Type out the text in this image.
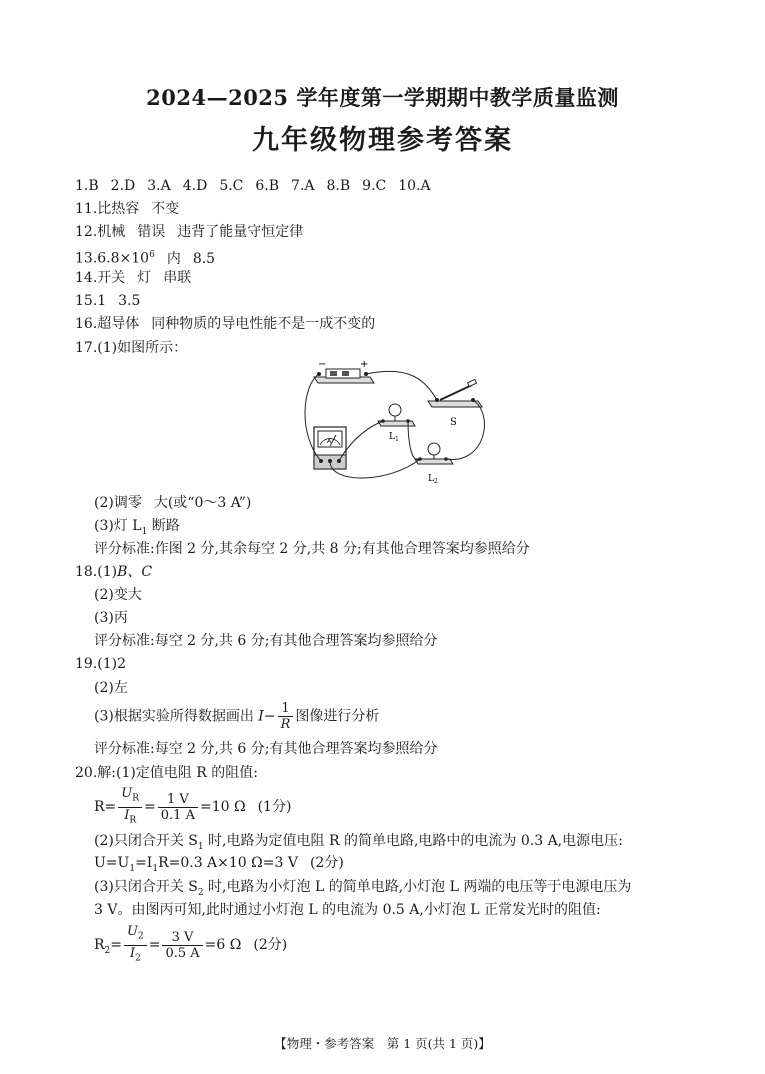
2024—2025 学年度第一学期期中教学质量监测
九年级物理参考答案
1.B 2.D 3.A 4.D 5.C 6.B 7.A 8.B 9.C 10.A
11.比热容 不变
12.机械 错误 违背了能量守恒定律
$13.6.8\times 10^6$ 内 8.5
14.开关 灯 串联
15.1 3.5
16.超导体 同种物质的导电性能不是一成不变的
17.(1)如图所示：
−	+
S
$L_1$
$L_2$
A
(2)调零 大(或“0～3 A”)
(3)灯 $L_1$ 断路
评分标准:作图 2 分,其余每空 2 分,共 8 分;有其他合理答案均参照给分
18.(1)B、C
(2)变大
(3)丙
评分标准:每空 2 分,共 6 分;有其他合理答案均参照给分
19.(1)2
(2)左
(3)根据实验所得数据画出 $I- \frac{1}{R}$ 图像进行分析
评分标准:每空 2 分,共 6 分;有其他合理答案均参照给分
20.解:(1)定值电阻 R 的阻值:
$R= \frac{U_R}{I_R} = \frac{1 V}{0.1 A} =10$ Ω (1分)
(2)只闭合开关 $S_1$ 时,电路为定值电阻 R 的简单电路,电路中的电流为 0.3 A,电源电压:
$U=U_1=I_1R=0.3$ A×10 Ω=3 V (2分)
(3)只闭合开关 $S_2$ 时,电路为小灯泡 L 的简单电路,小灯泡 L 两端的电压等于电源电压为
3 V。由图丙可知,此时通过小灯泡 L 的电流为 0.5 A,小灯泡 L 正常发光时的阻值:
$R_2= \frac{U_2}{I_2} = \frac{3 V}{0.5 A} =6$ Ω (2分)
【物理・参考答案　第 1 页(共 1 页)】
